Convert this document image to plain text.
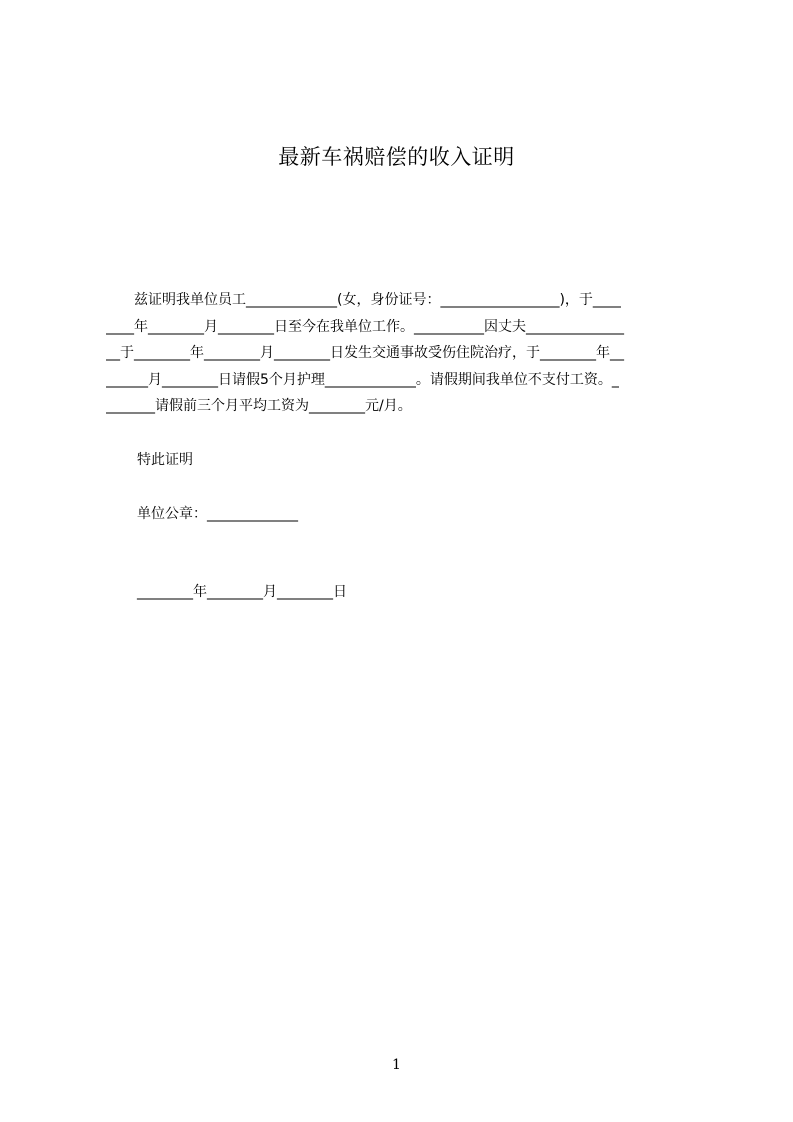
最新车祸赔偿的收入证明
　　兹证明我单位员工_____________(女，身份证号：_________________)，于____
____年________月________日至今在我单位工作。__________因丈夫______________
__于________年________月________日发生交通事故受伤住院治疗，于________年__
______月________日请假5个月护理_____________。请假期间我单位不支付工资。_
_______请假前三个月平均工资为________元/月。
特此证明
单位公章：_____________
________年________月________日
1
